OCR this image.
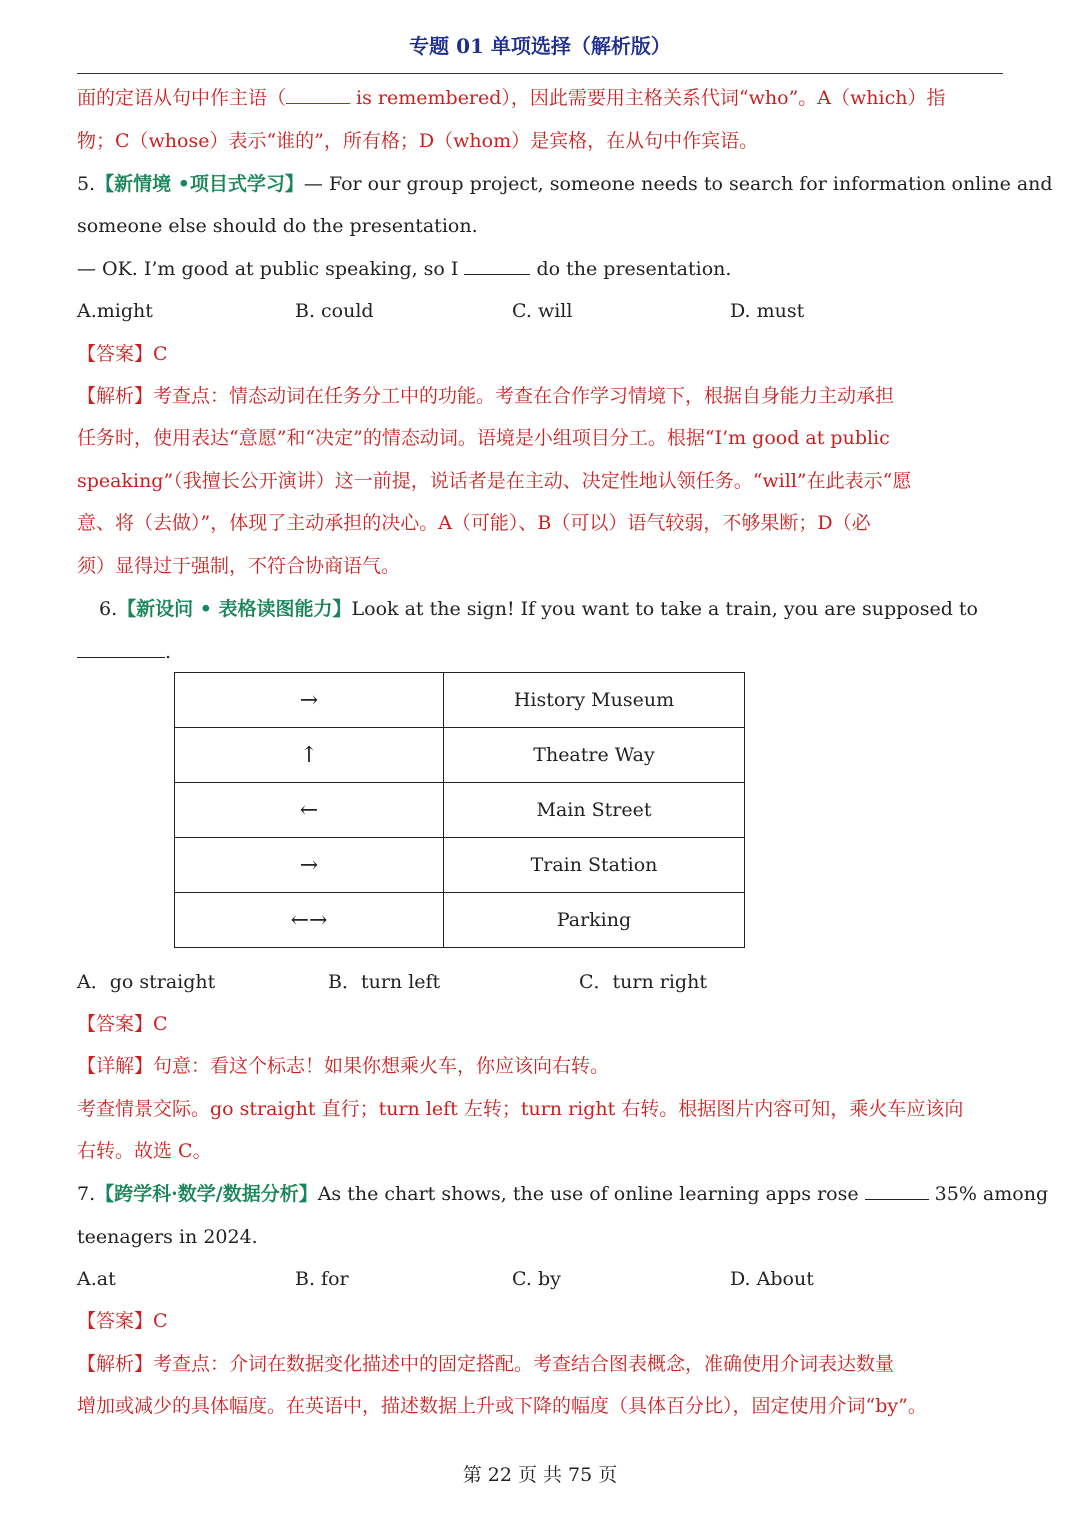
专题 01 单项选择（解析版）
面的定语从句中作主语（	is remembered），因此需要用主格关系代词“who”。A（which）指
物；C（whose）表示“谁的”，所有格；D（whom）是宾格，在从句中作宾语。
5.【新情境 •项目式学习】— For our group project, someone needs to search for information online and
someone else should do the presentation.
— OK. I’m good at public speaking, so I	do the presentation.
A.might	B. could	C. will	D. must
【答案】C
【解析】考查点：情态动词在任务分工中的功能。考查在合作学习情境下，根据自身能力主动承担
任务时，使用表达“意愿”和“决定”的情态动词。语境是小组项目分工。根据“I’m good at public
speaking”（我擅长公开演讲）这一前提，说话者是在主动、决定性地认领任务。“will”在此表示“愿
意、将（去做）”，体现了主动承担的决心。A（可能）、B（可以）语气较弱，不够果断；D（必
须）显得过于强制，不符合协商语气。
6.【新设问 • 表格读图能力】Look at the sign! If you want to take a train, you are supposed to
.
→	History Museum
↑	Theatre Way
←	Main Street
→	Train Station
←→	Parking
A．go straight	B．turn left	C．turn right
【答案】C
【详解】句意：看这个标志！如果你想乘火车，你应该向右转。
考查情景交际。go straight 直行；turn left 左转；turn right 右转。根据图片内容可知，乘火车应该向
右转。故选 C。
7.【跨学科·数学/数据分析】As the chart shows, the use of online learning apps rose	35% among
teenagers in 2024.
A.at	B. for	C. by	D. About
【答案】C
【解析】考查点：介词在数据变化描述中的固定搭配。考查结合图表概念，准确使用介词表达数量
增加或减少的具体幅度。在英语中，描述数据上升或下降的幅度（具体百分比），固定使用介词“by”。
第 22 页 共 75 页
